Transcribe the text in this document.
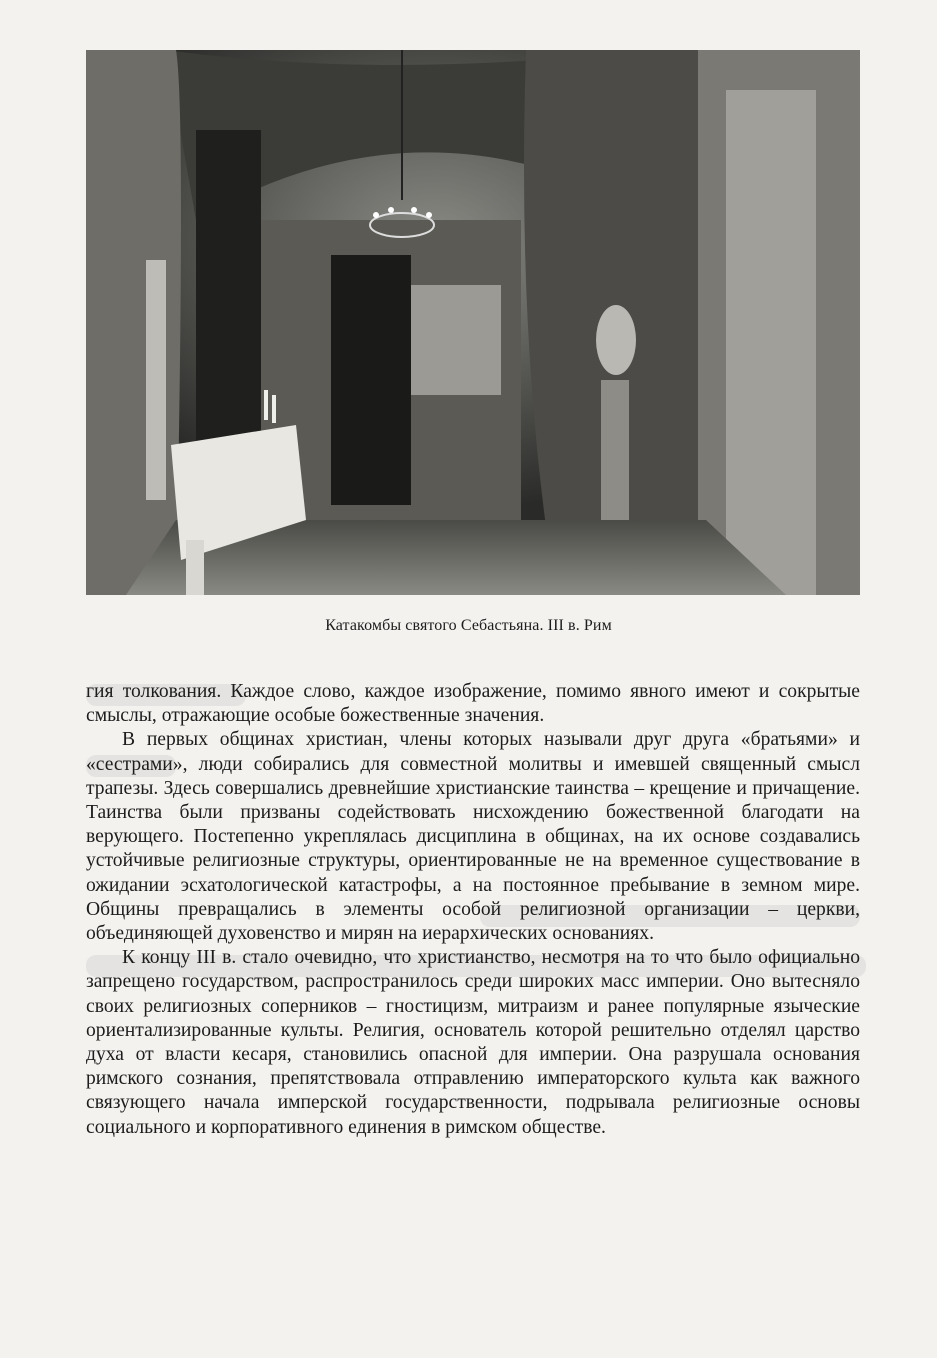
Катакомбы святого Себастьяна. III в. Рим

гия толкования. Каждое слово, каждое изображение, помимо явного имеют и сокрытые смыслы, отражающие особые божественные значения.

В первых общинах христиан, члены которых называли друг друга «братьями» и «сестрами», люди собирались для совместной молитвы и имевшей священный смысл трапезы. Здесь совершались древнейшие христианские таинства – крещение и причащение. Таинства были призваны содействовать нисхождению божественной благодати на верующего. Постепенно укреплялась дисциплина в общинах, на их основе создавались устойчивые религиозные структуры, ориентированные не на временное существование в ожидании эсхатологической катастрофы, а на постоянное пребывание в земном мире. Общины превращались в элементы особой религиозной организации – церкви, объединяющей духовенство и мирян на иерархических основаниях.

К концу III в. стало очевидно, что христианство, несмотря на то что было официально запрещено государством, распространилось среди широких масс империи. Оно вытесняло своих религиозных соперников – гностицизм, митраизм и ранее популярные языческие ориентализированные культы. Религия, основатель которой решительно отделял царство духа от власти кесаря, становились опасной для империи. Она разрушала основания римского сознания, препятствовала отправлению императорского культа как важного связующего начала имперской государственности, подрывала религиозные основы социального и корпоративного единения в римском обществе.
